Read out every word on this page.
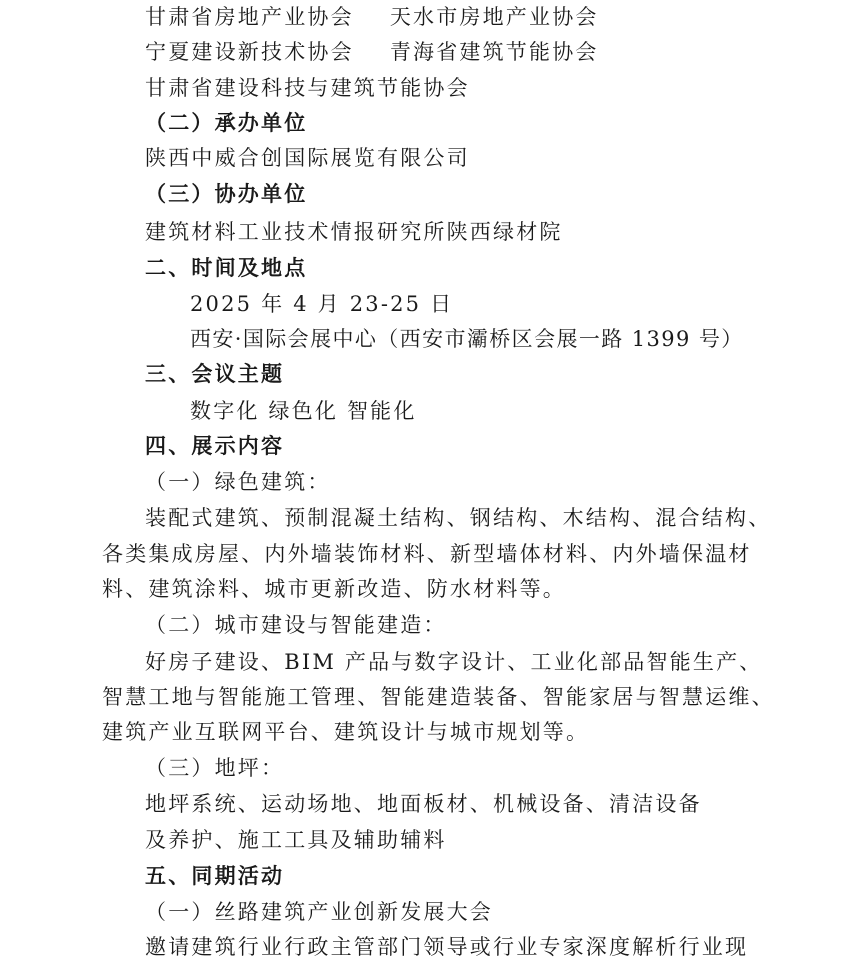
甘肃省房地产业协会 天水市房地产业协会
宁夏建设新技术协会 青海省建筑节能协会
甘肃省建设科技与建筑节能协会
（二）承办单位
陕西中威合创国际展览有限公司
（三）协办单位
建筑材料工业技术情报研究所陕西绿材院
二、时间及地点
2025 年 4 月 23-25 日
西安·国际会展中心（西安市灞桥区会展一路 1399 号）
三、会议主题
数字化 绿色化 智能化
四、展示内容
（一）绿色建筑：
装配式建筑、预制混凝土结构、钢结构、木结构、混合结构、
各类集成房屋、内外墙装饰材料、新型墙体材料、内外墙保温材
料、建筑涂料、城市更新改造、防水材料等。
（二）城市建设与智能建造：
好房子建设、BIM 产品与数字设计、工业化部品智能生产、
智慧工地与智能施工管理、智能建造装备、智能家居与智慧运维、
建筑产业互联网平台、建筑设计与城市规划等。
（三）地坪：
地坪系统、运动场地、地面板材、机械设备、清洁设备
及养护、施工工具及辅助辅料
五、同期活动
（一）丝路建筑产业创新发展大会
邀请建筑行业行政主管部门领导或行业专家深度解析行业现
